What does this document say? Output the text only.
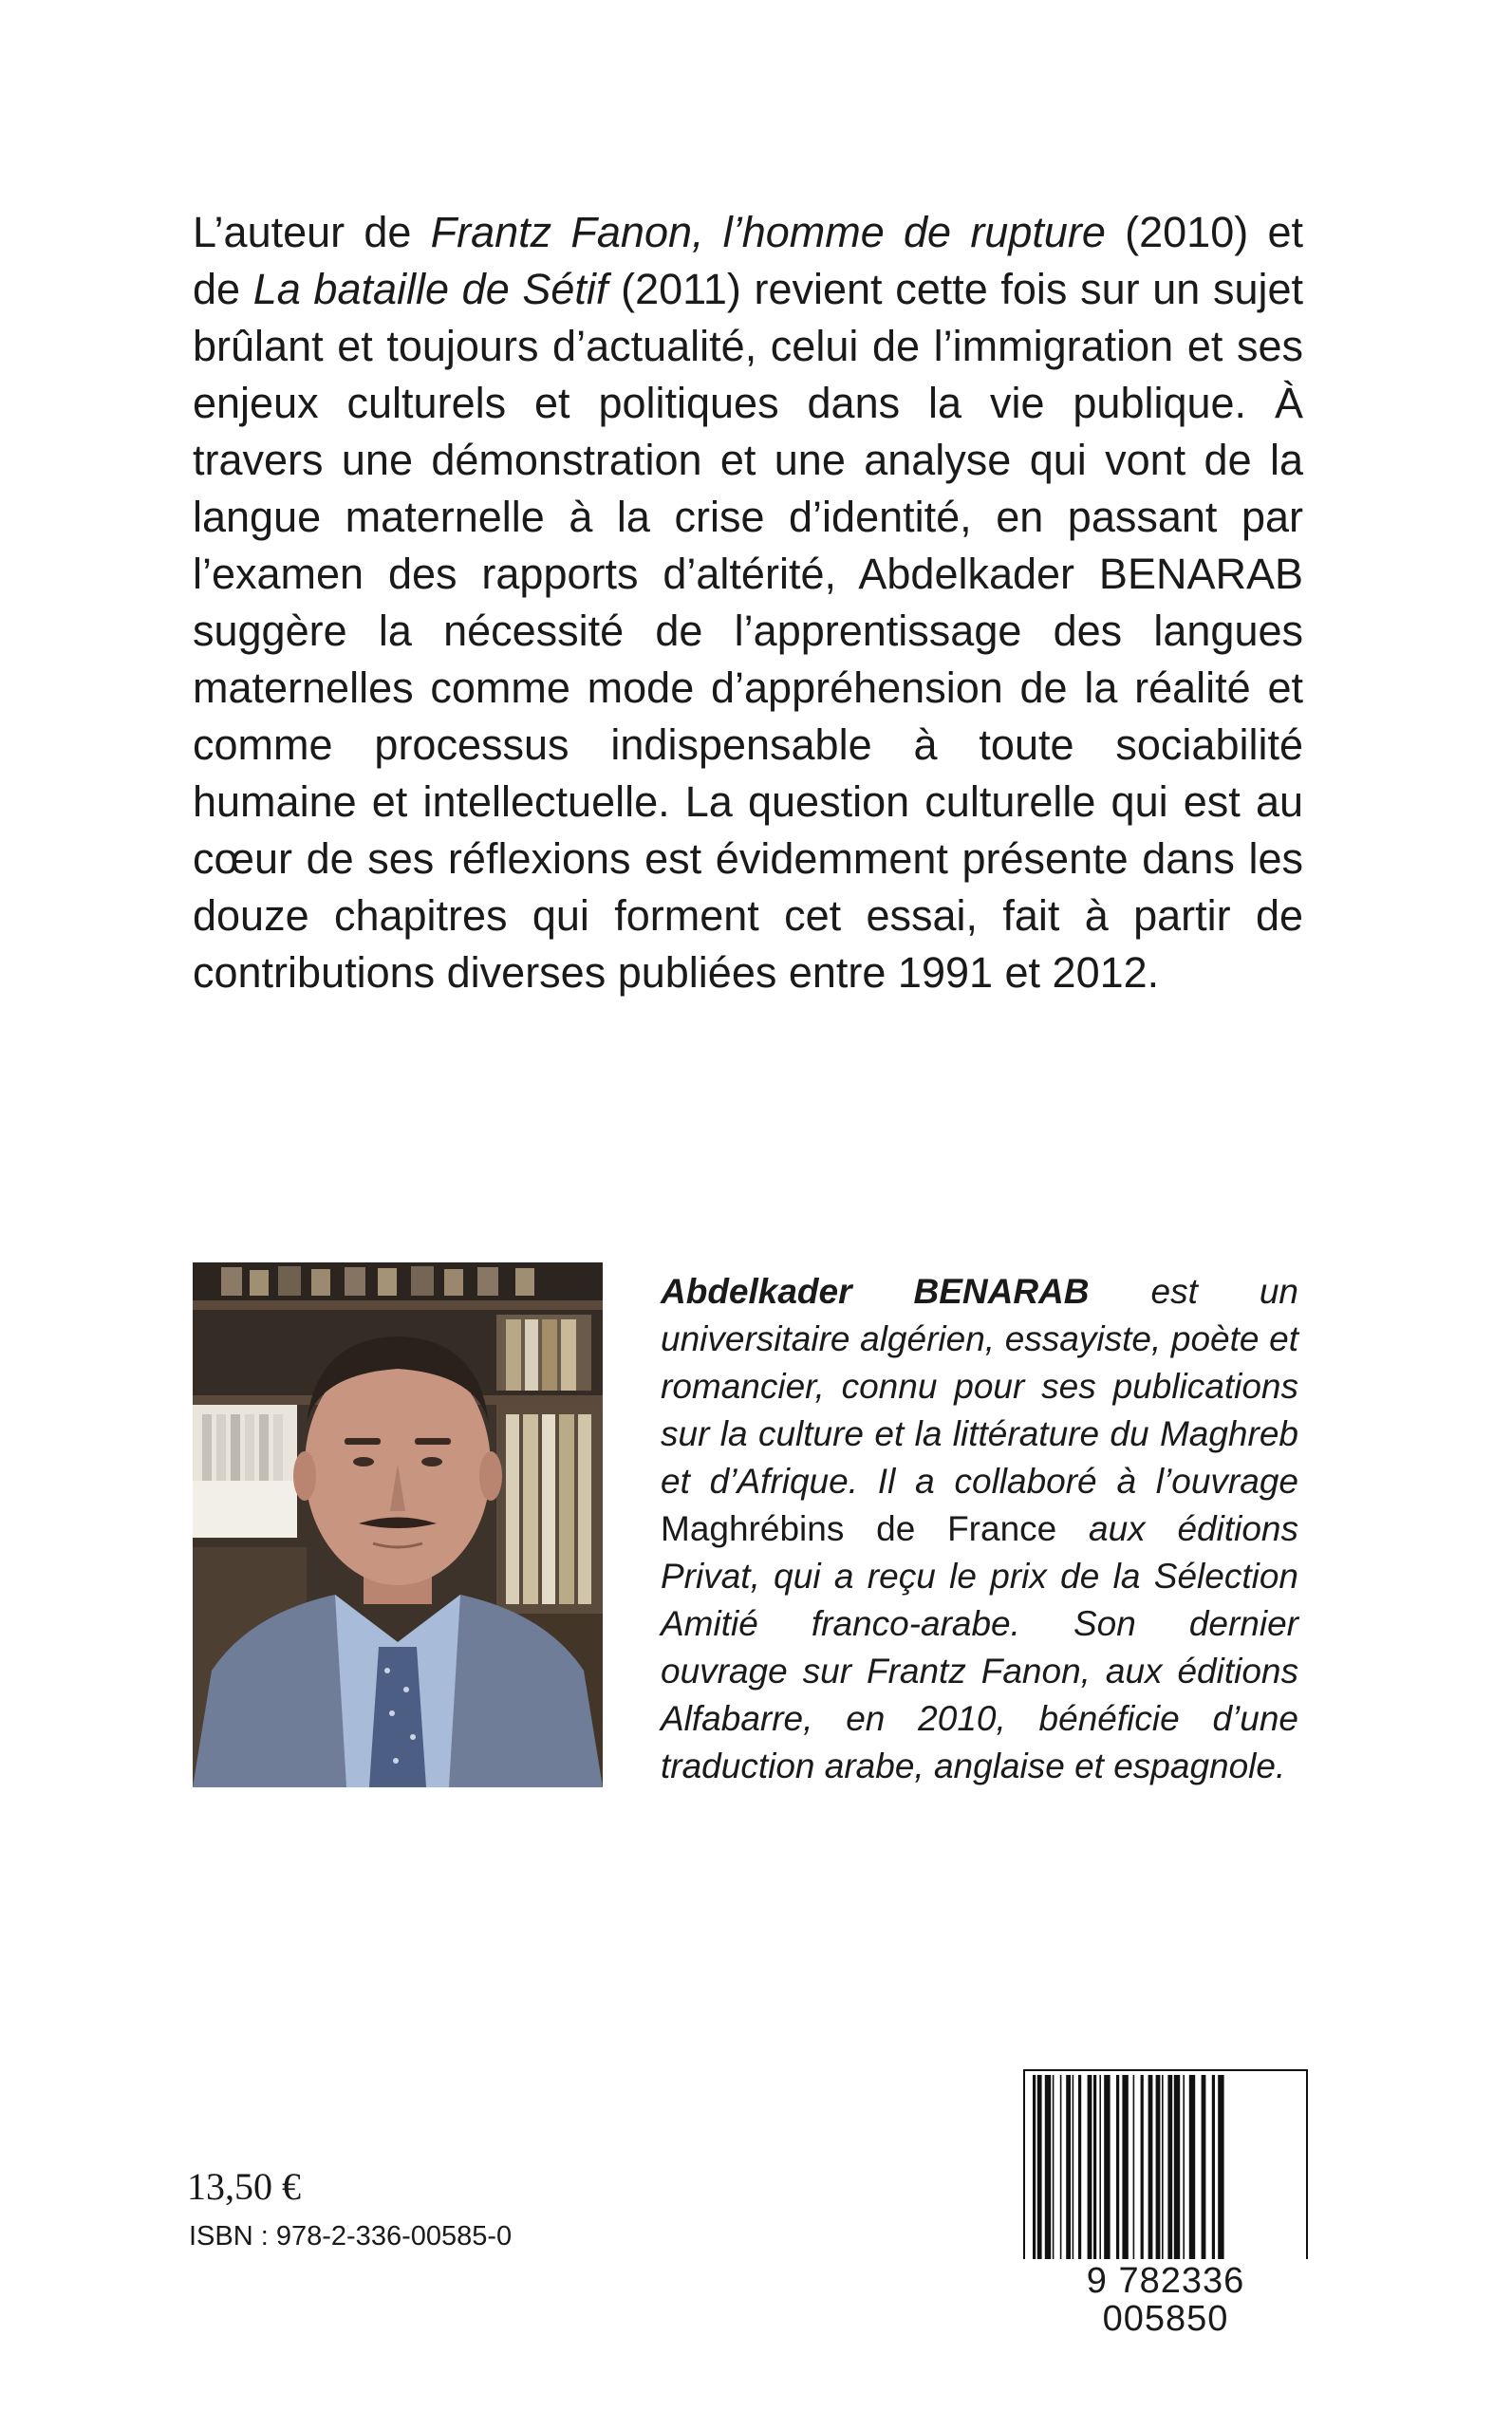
L’auteur de Frantz Fanon, l’homme de rupture (2010) et de La bataille de Sétif (2011) revient cette fois sur un sujet brûlant et toujours d’actualité, celui de l’immigration et ses enjeux culturels et politiques dans la vie publique. À travers une démonstration et une analyse qui vont de la langue maternelle à la crise d’identité, en passant par l’examen des rapports d’altérité, Abdelkader BENARAB suggère la nécessité de l’apprentissage des langues maternelles comme mode d’appréhension de la réalité et comme processus indispensable à toute sociabilité humaine et intellectuelle. La question culturelle qui est au cœur de ses réflexions est évidemment présente dans les douze chapitres qui forment cet essai, fait à partir de contributions diverses publiées entre 1991 et 2012.

Abdelkader BENARAB est un universitaire algérien, essayiste, poète et romancier, connu pour ses publications sur la culture et la littérature du Maghreb et d’Afrique. Il a collaboré à l’ouvrage Maghrébins de France aux éditions Privat, qui a reçu le prix de la Sélection Amitié franco-arabe. Son dernier ouvrage sur Frantz Fanon, aux éditions Alfabarre, en 2010, bénéficie d’une traduction arabe, anglaise et espagnole.

13,50 €
ISBN : 978-2-336-00585-0
9 782336 005850
